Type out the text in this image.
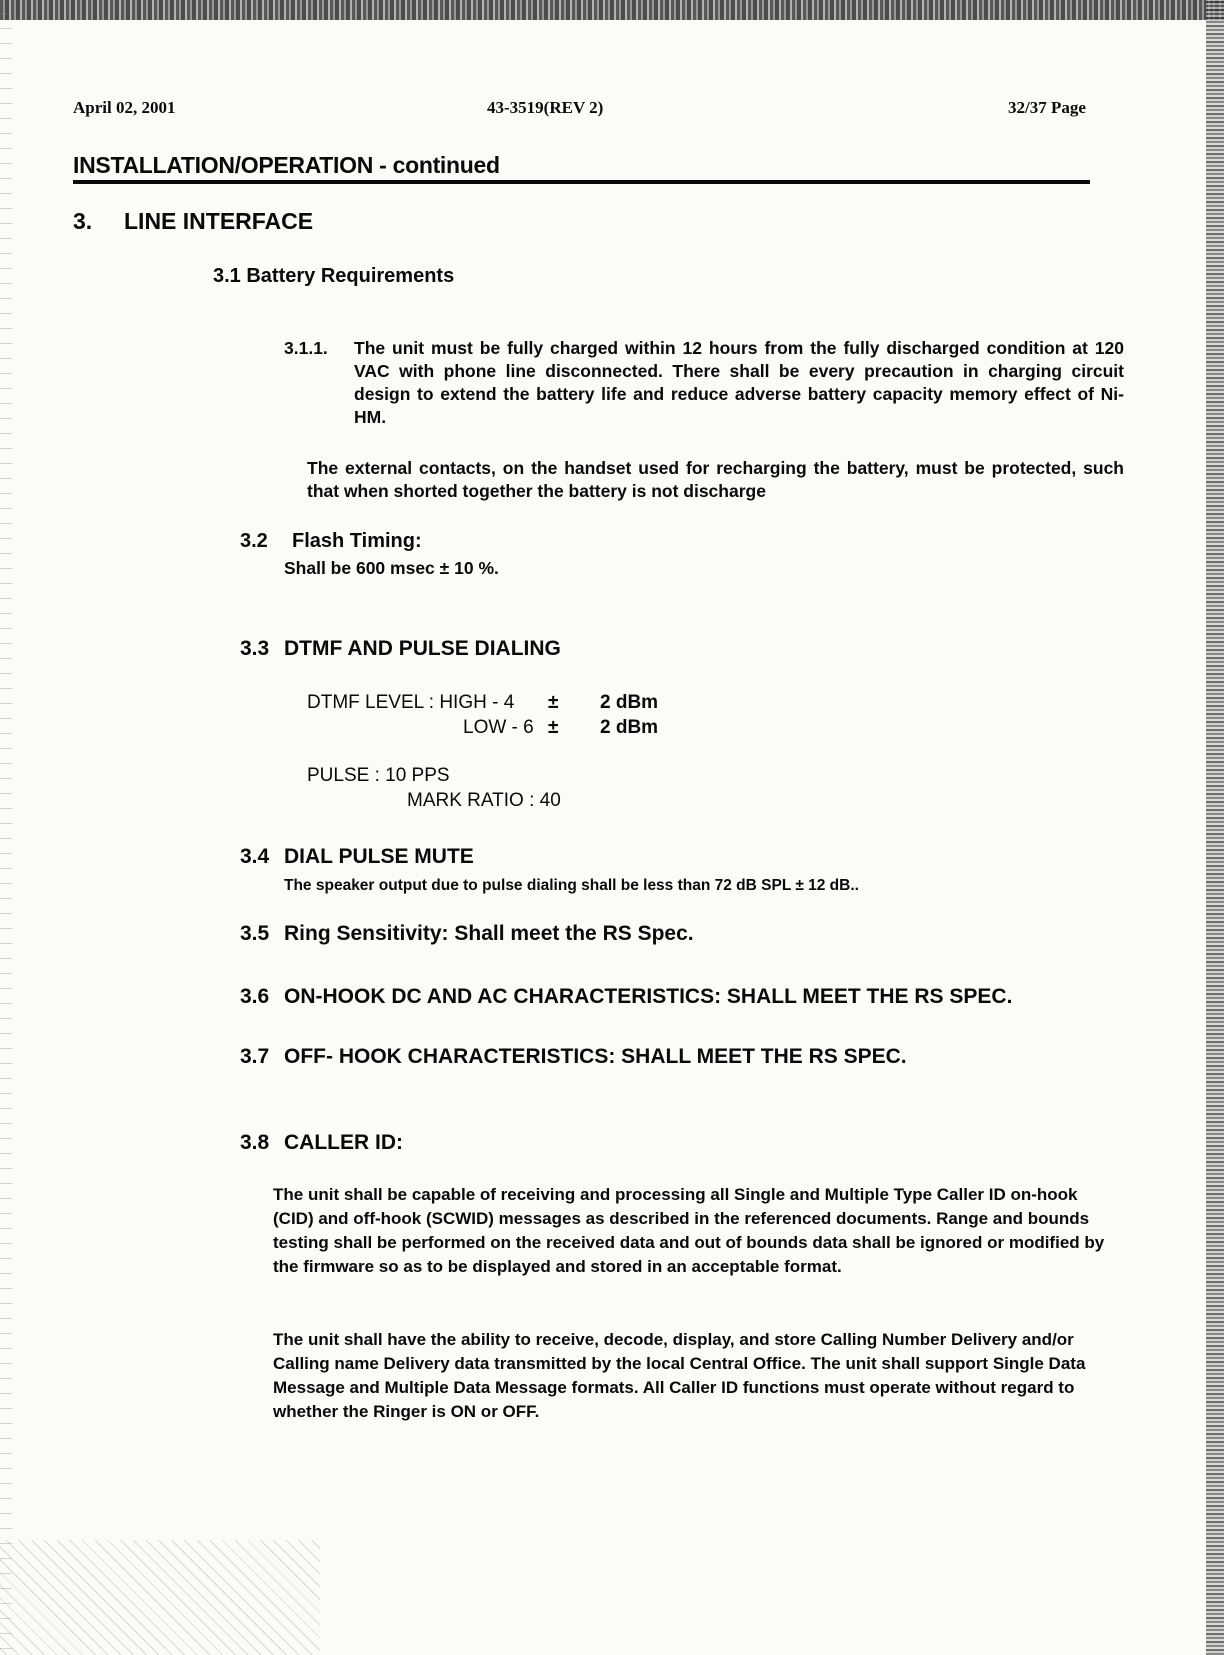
April 02, 2001	43-3519(REV 2)	32/37 Page
INSTALLATION/OPERATION - continued
3. LINE INTERFACE
3.1 Battery Requirements
3.1.1. The unit must be fully charged within 12 hours from the fully discharged condition at 120 VAC with phone line disconnected. There shall be every precaution in charging circuit design to extend the battery life and reduce adverse battery capacity memory effect of Ni-HM.
The external contacts, on the handset used for recharging the battery, must be protected, such that when shorted together the battery is not discharge
3.2 Flash Timing:
Shall be 600 msec ± 10 %.
3.3 DTMF AND PULSE DIALING
DTMF LEVEL : HIGH - 4 ± 2 dBm
LOW - 6 ± 2 dBm
PULSE : 10 PPS
MARK RATIO : 40
3.4 DIAL PULSE MUTE
The speaker output due to pulse dialing shall be less than 72 dB SPL ± 12 dB..
3.5 Ring Sensitivity: Shall meet the RS Spec.
3.6 ON-HOOK DC AND AC CHARACTERISTICS: SHALL MEET THE RS SPEC.
3.7 OFF- HOOK CHARACTERISTICS: SHALL MEET THE RS SPEC.
3.8 CALLER ID:
The unit shall be capable of receiving and processing all Single and Multiple Type Caller ID on-hook (CID) and off-hook (SCWID) messages as described in the referenced documents. Range and bounds testing shall be performed on the received data and out of bounds data shall be ignored or modified by the firmware so as to be displayed and stored in an acceptable format.
The unit shall have the ability to receive, decode, display, and store Calling Number Delivery and/or Calling name Delivery data transmitted by the local Central Office. The unit shall support Single Data Message and Multiple Data Message formats. All Caller ID functions must operate without regard to whether the Ringer is ON or OFF.
